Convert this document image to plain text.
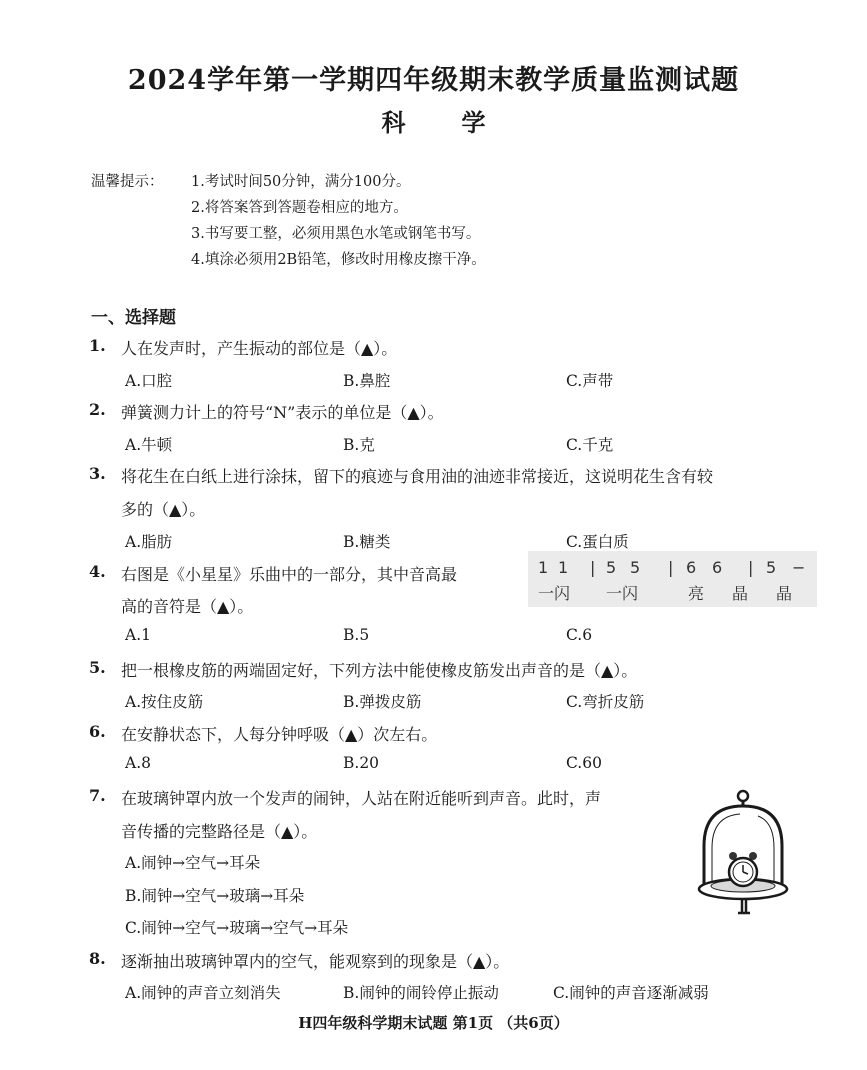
2024学年第一学期四年级期末教学质量监测试题
科学
温馨提示： 1.考试时间50分钟，满分100分。
2.将答案答到答题卷相应的地方。
3.书写要工整，必须用黑色水笔或钢笔书写。
4.填涂必须用2B铅笔，修改时用橡皮擦干净。
一、选择题
1. 人在发声时，产生振动的部位是（▲）。
A.口腔	B.鼻腔	C.声带
2. 弹簧测力计上的符号“N”表示的单位是（▲）。
A.牛顿	B.克	C.千克
3. 将花生在白纸上进行涂抹，留下的痕迹与食用油的油迹非常接近，这说明花生含有较
多的（▲）。
A.脂肪	B.糖类	C.蛋白质
4. 右图是《小星星》乐曲中的一部分，其中音高最
高的音符是（▲）。
A.1	B.5	C.6
1 1 | 5 5 | 6 6 | 5 −
一闪 一闪	亮 晶 晶
5. 把一根橡皮筋的两端固定好，下列方法中能使橡皮筋发出声音的是（▲）。
A.按住皮筋	B.弹拨皮筋	C.弯折皮筋
6. 在安静状态下，人每分钟呼吸（▲）次左右。
A.8	B.20	C.60
7. 在玻璃钟罩内放一个发声的闹钟，人站在附近能听到声音。此时，声
音传播的完整路径是（▲）。
A.闹钟→空气→耳朵
B.闹钟→空气→玻璃→耳朵
C.闹钟→空气→玻璃→空气→耳朵
8. 逐渐抽出玻璃钟罩内的空气，能观察到的现象是（▲）。
A.闹钟的声音立刻消失	B.闹钟的闹铃停止振动	C.闹钟的声音逐渐减弱
H四年级科学期末试题 第1页 （共6页）
